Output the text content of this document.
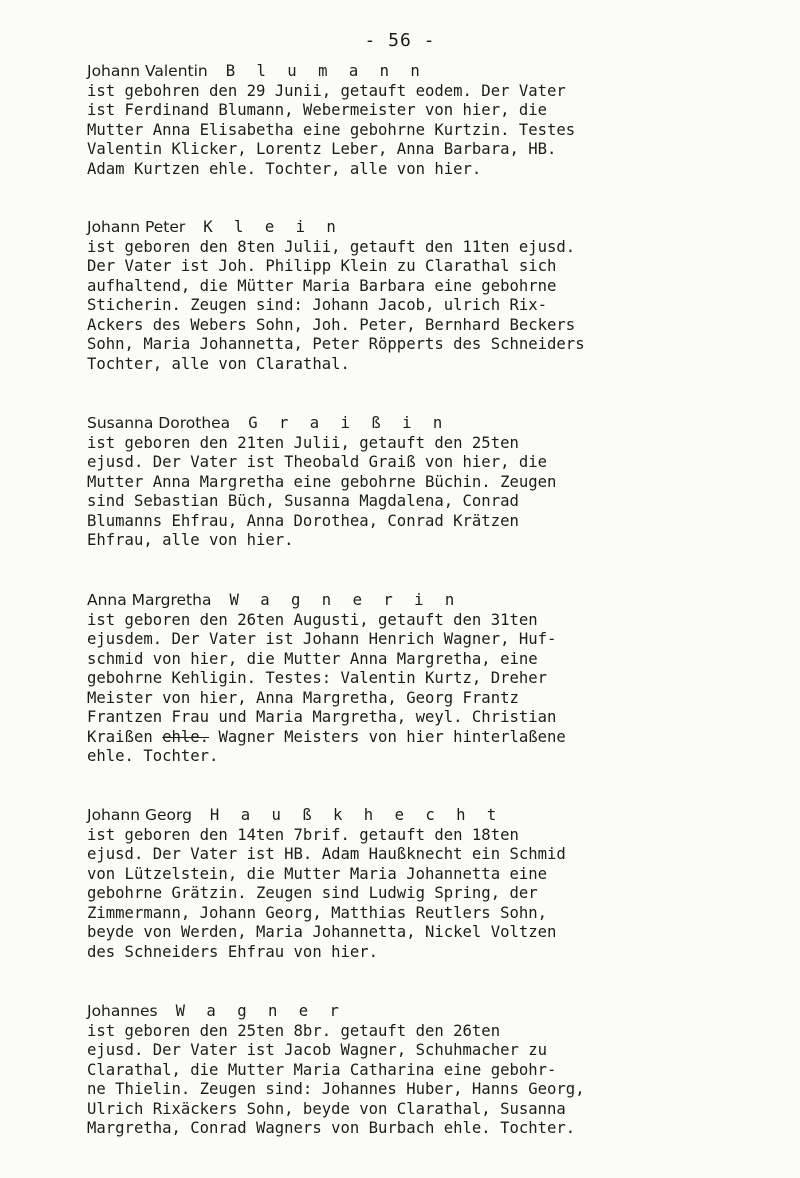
- 56 -
Johann Valentin B l u m a n n
ist gebohren den 29 Junii, getauft eodem. Der Vater
ist Ferdinand Blumann, Webermeister von hier, die
Mutter Anna Elisabetha eine gebohrne Kurtzin. Testes
Valentin Klicker, Lorentz Leber, Anna Barbara, HB.
Adam Kurtzen ehle. Tochter, alle von hier.
Johann Peter K l e i n
ist geboren den 8ten Julii, getauft den 11ten ejusd.
Der Vater ist Joh. Philipp Klein zu Clarathal sich
aufhaltend, die Mütter Maria Barbara eine gebohrne
Sticherin. Zeugen sind: Johann Jacob, ulrich Rix-
Ackers des Webers Sohn, Joh. Peter, Bernhard Beckers
Sohn, Maria Johannetta, Peter Röpperts des Schneiders
Tochter, alle von Clarathal.
Susanna Dorothea G r a i ß i n
ist geboren den 21ten Julii, getauft den 25ten
ejusd. Der Vater ist Theobald Graiß von hier, die
Mutter Anna Margretha eine gebohrne Büchin. Zeugen
sind Sebastian Büch, Susanna Magdalena, Conrad
Blumanns Ehfrau, Anna Dorothea, Conrad Krätzen
Ehfrau, alle von hier.
Anna Margretha W a g n e r i n
ist geboren den 26ten Augusti, getauft den 31ten
ejusdem. Der Vater ist Johann Henrich Wagner, Huf-
schmid von hier, die Mutter Anna Margretha, eine
gebohrne Kehligin. Testes: Valentin Kurtz, Dreher
Meister von hier, Anna Margretha, Georg Frantz
Frantzen Frau und Maria Margretha, weyl. Christian
Kraißen ehle. Wagner Meisters von hier hinterlaßene
ehle. Tochter.
Johann Georg H a u ß k h e c h t
ist geboren den 14ten 7brif. getauft den 18ten
ejusd. Der Vater ist HB. Adam Haußknecht ein Schmid
von Lützelstein, die Mutter Maria Johannetta eine
gebohrne Grätzin. Zeugen sind Ludwig Spring, der
Zimmermann, Johann Georg, Matthias Reutlers Sohn,
beyde von Werden, Maria Johannetta, Nickel Voltzen
des Schneiders Ehfrau von hier.
Johannes W a g n e r
ist geboren den 25ten 8br. getauft den 26ten
ejusd. Der Vater ist Jacob Wagner, Schuhmacher zu
Clarathal, die Mutter Maria Catharina eine gebohr-
ne Thielin. Zeugen sind: Johannes Huber, Hanns Georg,
Ulrich Rixäckers Sohn, beyde von Clarathal, Susanna
Margretha, Conrad Wagners von Burbach ehle. Tochter.
